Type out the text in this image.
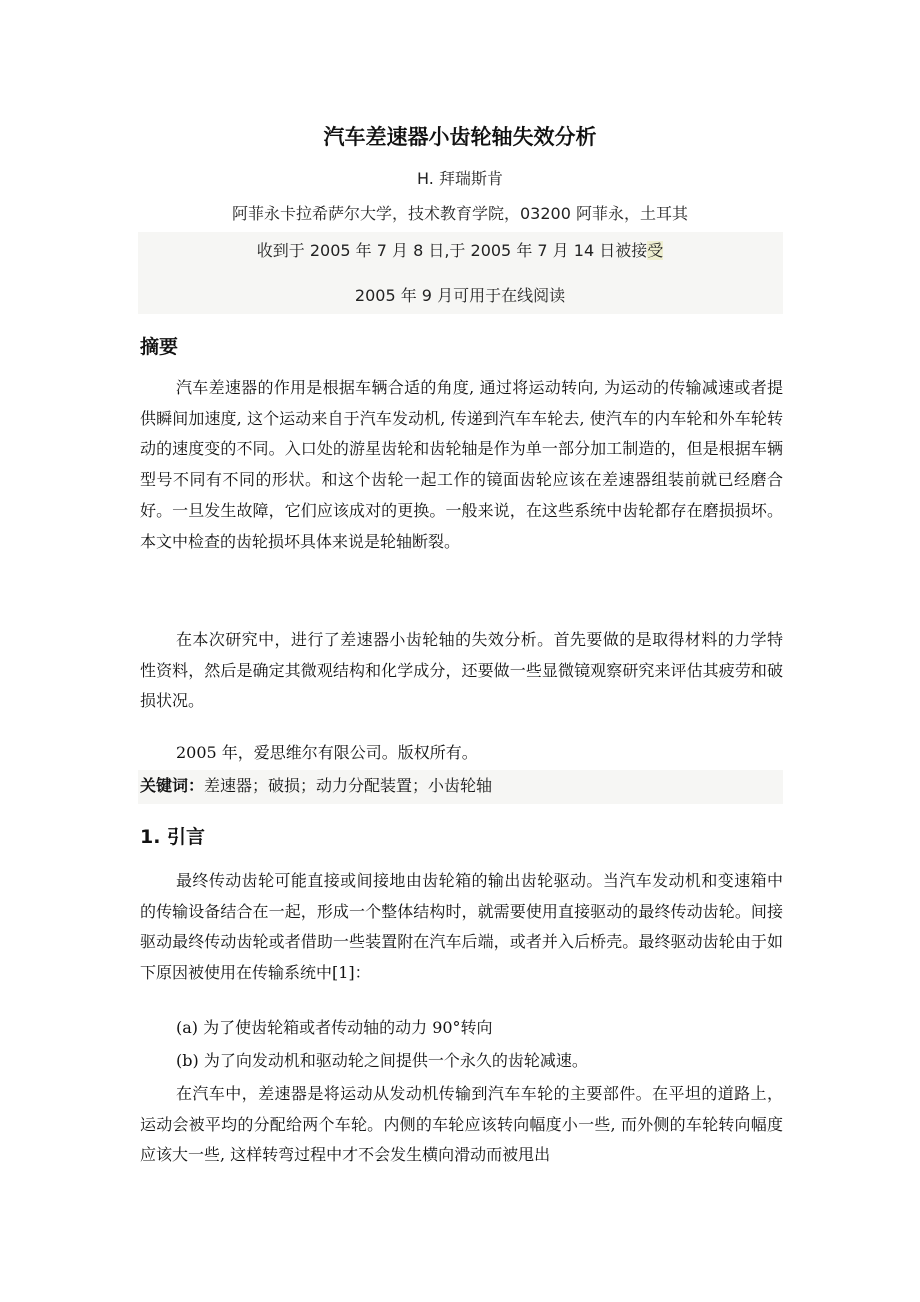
汽车差速器小齿轮轴失效分析
H. 拜瑞斯肯
阿菲永卡拉希萨尔大学，技术教育学院，03200 阿菲永，土耳其
收到于 2005 年 7 月 8 日,于 2005 年 7 月 14 日被接受
2005 年 9 月可用于在线阅读
摘要

汽车差速器的作用是根据车辆合适的角度, 通过将运动转向, 为运动的传输减速或者提供瞬间加速度, 这个运动来自于汽车发动机, 传递到汽车车轮去, 使汽车的内车轮和外车轮转动的速度变的不同。入口处的游星齿轮和齿轮轴是作为单一部分加工制造的，但是根据车辆型号不同有不同的形状。和这个齿轮一起工作的镜面齿轮应该在差速器组装前就已经磨合好。一旦发生故障，它们应该成对的更换。一般来说，在这些系统中齿轮都存在磨损损坏。本文中检查的齿轮损坏具体来说是轮轴断裂。

在本次研究中，进行了差速器小齿轮轴的失效分析。首先要做的是取得材料的力学特性资料，然后是确定其微观结构和化学成分，还要做一些显微镜观察研究来评估其疲劳和破损状况。

2005 年，爱思维尔有限公司。版权所有。

关键词：差速器；破损；动力分配装置；小齿轮轴
1. 引言

最终传动齿轮可能直接或间接地由齿轮箱的输出齿轮驱动。当汽车发动机和变速箱中的传输设备结合在一起，形成一个整体结构时，就需要使用直接驱动的最终传动齿轮。间接驱动最终传动齿轮或者借助一些装置附在汽车后端，或者并入后桥壳。最终驱动齿轮由于如下原因被使用在传输系统中[1]：

(a) 为了使齿轮箱或者传动轴的动力 90°转向
(b) 为了向发动机和驱动轮之间提供一个永久的齿轮减速。

在汽车中，差速器是将运动从发动机传输到汽车车轮的主要部件。在平坦的道路上，运动会被平均的分配给两个车轮。内侧的车轮应该转向幅度小一些, 而外侧的车轮转向幅度应该大一些, 这样转弯过程中才不会发生横向滑动而被甩出
